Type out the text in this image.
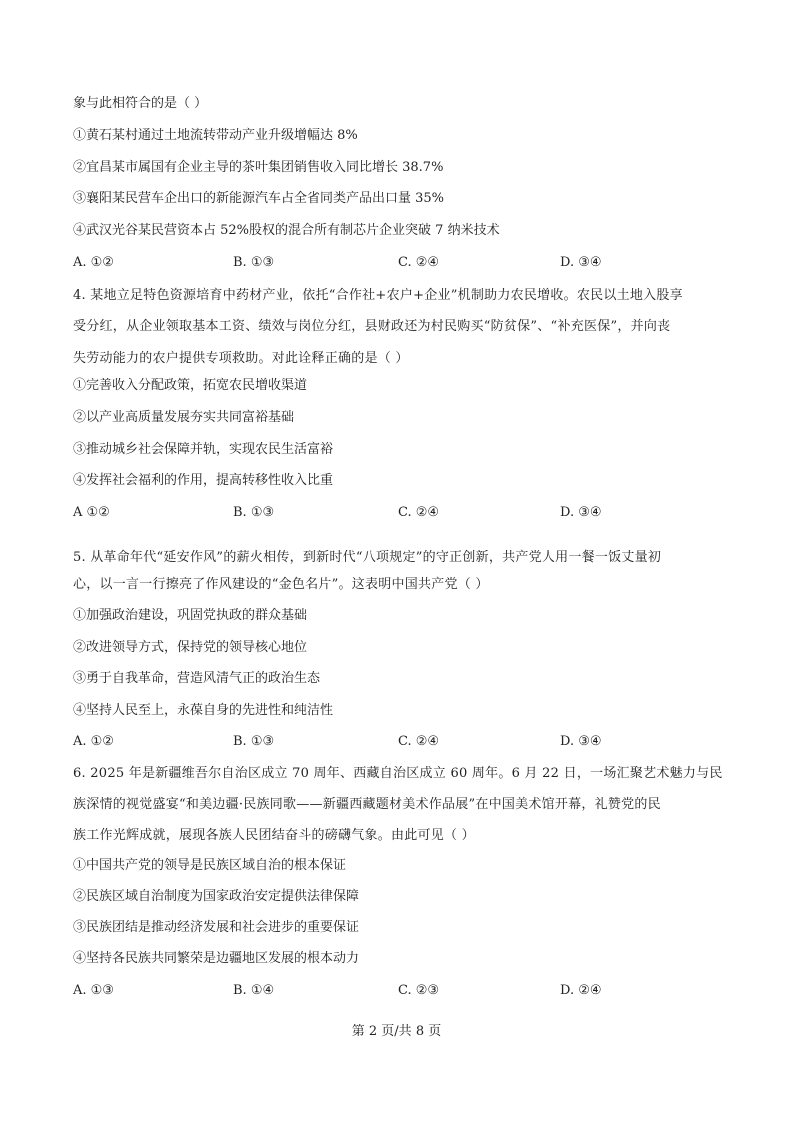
象与此相符合的是（ ）
①黄石某村通过土地流转带动产业升级增幅达 8%
②宜昌某市属国有企业主导的茶叶集团销售收入同比增长 38.7%
③襄阳某民营车企出口的新能源汽车占全省同类产品出口量 35%
④武汉光谷某民营资本占 52%股权的混合所有制芯片企业突破 7 纳米技术
A. ①②	B. ①③	C. ②④	D. ③④
4. 某地立足特色资源培育中药材产业，依托“合作社+农户+企业”机制助力农民增收。农民以土地入股享
受分红，从企业领取基本工资、绩效与岗位分红，县财政还为村民购买“防贫保”、“补充医保”，并向丧
失劳动能力的农户提供专项救助。对此诠释正确的是（ ）
①完善收入分配政策，拓宽农民增收渠道
②以产业高质量发展夯实共同富裕基础
③推动城乡社会保障并轨，实现农民生活富裕
④发挥社会福利的作用，提高转移性收入比重
A ①②	B. ①③	C. ②④	D. ③④
5. 从革命年代“延安作风”的薪火相传，到新时代“八项规定”的守正创新，共产党人用一餐一饭丈量初
心，以一言一行擦亮了作风建设的“金色名片”。这表明中国共产党（ ）
①加强政治建设，巩固党执政的群众基础
②改进领导方式，保持党的领导核心地位
③勇于自我革命，营造风清气正的政治生态
④坚持人民至上，永葆自身的先进性和纯洁性
A. ①②	B. ①③	C. ②④	D. ③④
6. 2025 年是新疆维吾尔自治区成立 70 周年、西藏自治区成立 60 周年。6 月 22 日，一场汇聚艺术魅力与民
族深情的视觉盛宴“和美边疆·民族同歌——新疆西藏题材美术作品展”在中国美术馆开幕，礼赞党的民
族工作光辉成就，展现各族人民团结奋斗的磅礴气象。由此可见（ ）
①中国共产党的领导是民族区域自治的根本保证
②民族区域自治制度为国家政治安定提供法律保障
③民族团结是推动经济发展和社会进步的重要保证
④坚持各民族共同繁荣是边疆地区发展的根本动力
A. ①③	B. ①④	C. ②③	D. ②④
第 2 页/共 8 页
